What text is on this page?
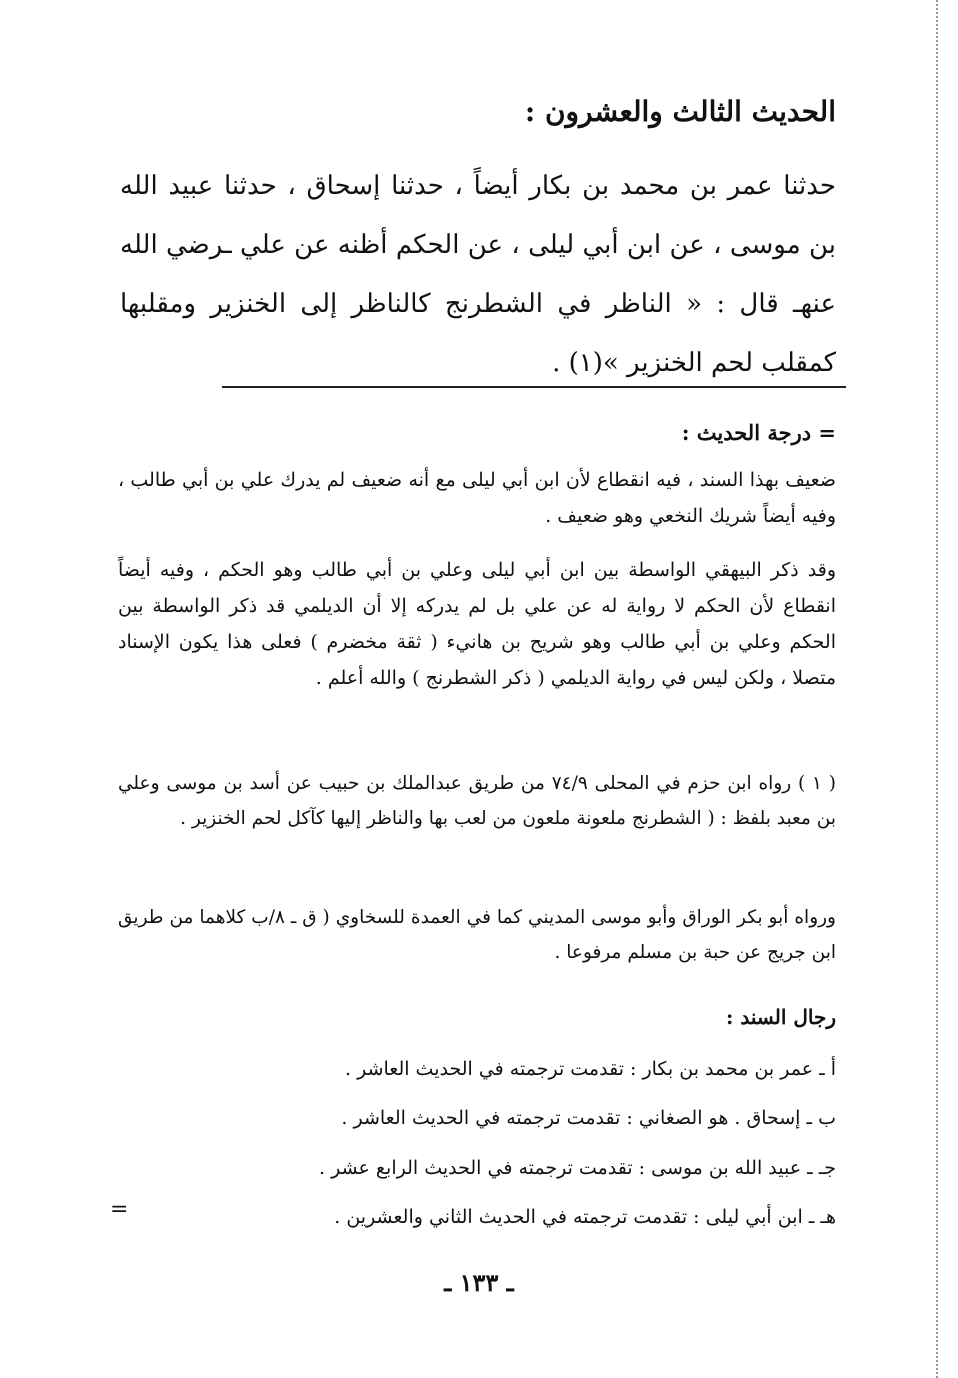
الحديث الثالث والعشرون :
حدثنا عمر بن محمد بن بكار أيضاً ، حدثنا إسحاق ، حدثنا عبيد الله بن موسى ، عن ابن أبي ليلى ، عن الحكم أظنه عن علي ـرضي الله عنهـ قال : « الناظر في الشطرنج كالناظر إلى الخنزير ومقلبها كمقلب لحم الخنزير »(١) .
= درجة الحديث :
ضعيف بهذا السند ، فيه انقطاع لأن ابن أبي ليلى مع أنه ضعيف لم يدرك علي بن أبي طالب ، وفيه أيضاً شريك النخعي وهو ضعيف .
وقد ذكر البيهقي الواسطة بين ابن أبي ليلى وعلي بن أبي طالب وهو الحكم ، وفيه أيضاً انقطاع لأن الحكم لا رواية له عن علي بل لم يدركه إلا أن الديلمي قد ذكر الواسطة بين الحكم وعلي بن أبي طالب وهو شريح بن هانيء ( ثقة مخضرم ) فعلى هذا يكون الإسناد متصلا ، ولكن ليس في رواية الديلمي ( ذكر الشطرنج ) والله أعلم .
( ١ ) رواه ابن حزم في المحلى ٧٤/٩ من طريق عبدالملك بن حبيب عن أسد بن موسى وعلي بن معبد بلفظ : ( الشطرنج ملعونة ملعون من لعب بها والناظر إليها كآكل لحم الخنزير .
ورواه أبو بكر الوراق وأبو موسى المديني كما في العمدة للسخاوي ( ق ـ ٨/ب كلاهما من طريق ابن جريج عن حبة بن مسلم مرفوعا .
رجال السند :
أ ـ عمر بن محمد بن بكار : تقدمت ترجمته في الحديث العاشر .
ب ـ إسحاق . هو الصغاني : تقدمت ترجمته في الحديث العاشر .
جـ ـ عبيد الله بن موسى : تقدمت ترجمته في الحديث الرابع عشر .
هـ ـ ابن أبي ليلى : تقدمت ترجمته في الحديث الثاني والعشرين .
=
ـ ١٣٣ ـ
